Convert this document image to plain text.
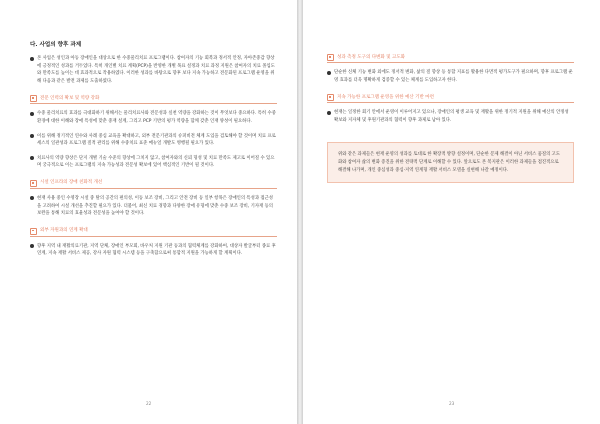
다. 사업의 향후 과제
본 사업은 성인과 아동 장애인을 대상으로 한 수중물리치료 프로그램이다. 참여자의 기능 회복과 정서적 안정, 자아존중감 향상에 긍정적인 성과를 거두었다. 특히 개인별 치료 계획(PCP)을 반영한 개별 목표 설정과 치료 과정 지원은 참여자의 치료 몰입도와 만족도를 높이는 데 효과적으로 작용하였다. 이러한 성과를 바탕으로 향후 보다 지속 가능하고 전문화된 프로그램 운영을 위해 다음과 같은 발전 과제를 도출하였다.
전문 인력의 확보 및 역량 강화
수중 물리치료의 효과를 극대화하기 위해서는 물리치료사와 전문성과 실천 역량을 강화하는 것이 무엇보다 중요하다. 특히 수중 환경에 대한 이해와 장애 특성에 맞춘 중재 설계, 그리고 PCP 기반의 평가 역량을 함께 갖춘 인재 양성이 필요하다.
이를 위해 정기적인 연수와 사례 중심 교육을 확대하고, 외부 전문기관과의 슈퍼비전 체계 도입을 검토해야 할 것이며 치료 프로세스의 일관성과 프로그램 질적 관리를 위해 수중치료 표준 매뉴얼 개발도 병행될 필요가 있다.
치료사의 역량 향상은 단지 개별 기술 수준의 향상에 그치지 않고, 참여자와의 신뢰 형성 및 치료 만족도 제고로 이어질 수 있으며 궁극적으로 이는 프로그램의 지속 가능성과 전문성 확보에 있어 핵심적인 기반이 될 것이다.
시설 인프라의 장애 친화적 개선
현재 사용 중인 수영장 시설 중 탈의 공간의 편의성, 이동 보조 장비, 그리고 안전 장비 등 일부 항목은 장애인의 특성과 접근성을 고려하여 시설 개선을 추진할 필요가 있다. 더불어, 최신 치료 경향과 다양한 장애 유형에 맞춘 수중 보조 장비, 기자재 등의 보완을 통해 치료의 효율성과 전문성을 높여야 할 것이다.
외부 자원과의 연계 확대
향후 지역 내 재활의료기관, 지역 단체, 장애인 부모회, 바우처 지원 기관 등과의 협력체계를 강화하여, 대상자 발굴부터 종료 후 연계, 지속 재활 서비스 제공, 강사 자원 협력 시스템 등을 구축함으로써 통합적 지원을 가능하게 할 계획이다.
22
성과 측정 도구의 다변화 및 고도화
단순한 신체 기능 변화 외에도 정서적 변화, 삶의 질 향상 등 통합 지표를 활용한 다면적 평가도구가 필요하며, 향후 프로그램 운영 효과를 더욱 명확하게 검증할 수 있는 체계를 도입하고자 한다.
지속 가능한 프로그램 운영을 위한 예산 기반 마련
현재는 일정한 회기 안에서 운영이 이루어지고 있으나, 장애인의 평생 교육 및 재활을 위한 정기적 지원을 위해 예산의 안정성 확보와 지자체 및 후원기관과의 협력이 향후 과제로 남아 있다.
위와 같은 과제들은 현재 운영의 성과를 토대로 한 확장적 방향 설정이며, 단순한 문제 해결이 아닌 서비스 품질의 고도화와 참여자 삶의 변화 증진을 위한 전략적 단계로 이해할 수 있다. 앞으로도 본 복지관은 이러한 과제들을 점진적으로 해결해 나가며, 개인 중심성과 중심·지역 연계형 재활 서비스 모델을 실현해 나갈 예정이다.
23
